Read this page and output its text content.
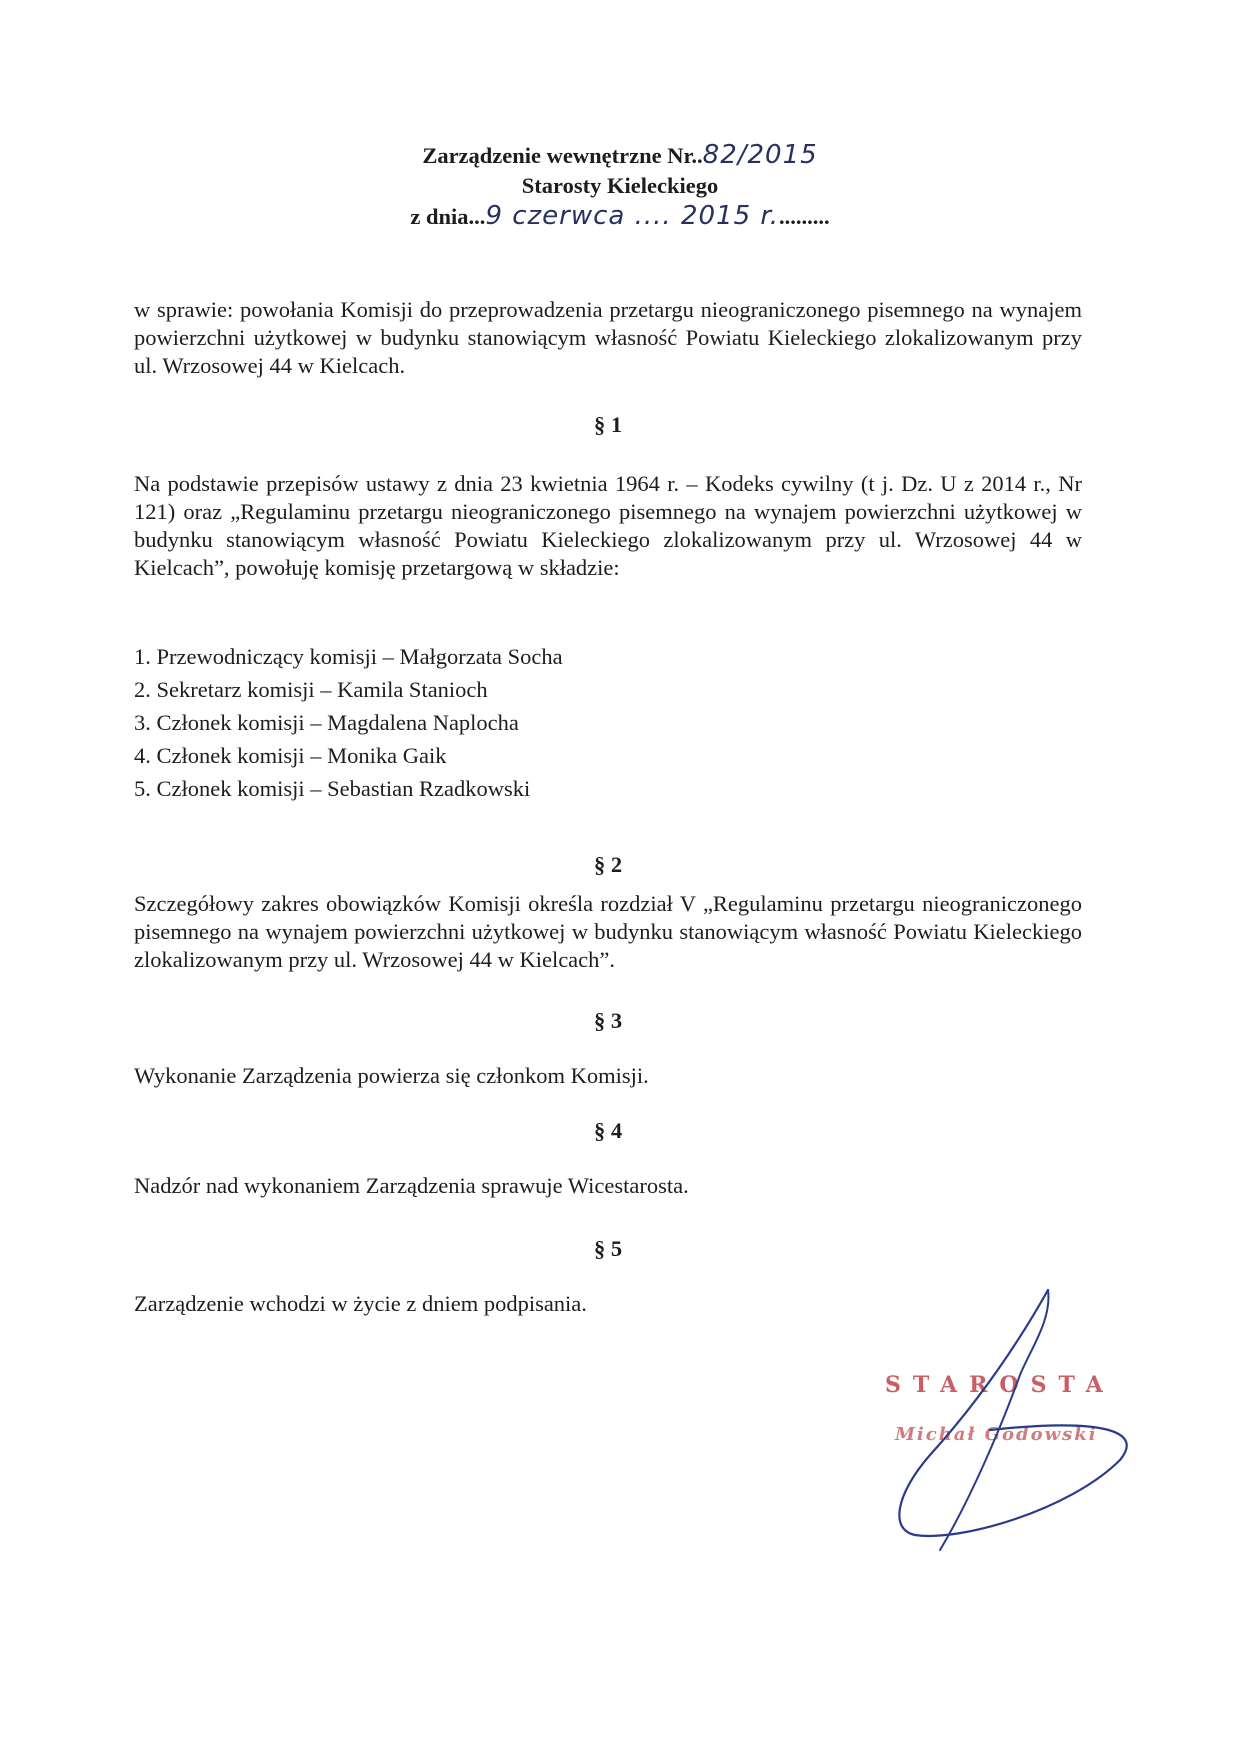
Zarządzenie wewnętrzne Nr..82/2015
Starosty Kieleckiego
z dnia...9 czerwca .... 2015 r..........
w sprawie: powołania Komisji do przeprowadzenia przetargu nieograniczonego pisemnego na wynajem powierzchni użytkowej w budynku stanowiącym własność Powiatu Kieleckiego zlokalizowanym przy ul. Wrzosowej 44 w Kielcach.
§ 1
Na podstawie przepisów ustawy z dnia 23 kwietnia 1964 r. – Kodeks cywilny (t j. Dz. U z 2014 r., Nr 121) oraz „Regulaminu przetargu nieograniczonego pisemnego na wynajem powierzchni użytkowej w budynku stanowiącym własność Powiatu Kieleckiego zlokalizowanym przy ul. Wrzosowej 44 w Kielcach”, powołuję komisję przetargową w składzie:
1. Przewodniczący komisji – Małgorzata Socha
2. Sekretarz komisji – Kamila Stanioch
3. Członek komisji – Magdalena Naplocha
4. Członek komisji – Monika Gaik
5. Członek komisji – Sebastian Rzadkowski
§ 2
Szczegółowy zakres obowiązków Komisji określa rozdział V „Regulaminu przetargu nieograniczonego pisemnego na wynajem powierzchni użytkowej w budynku stanowiącym własność Powiatu Kieleckiego zlokalizowanym przy ul. Wrzosowej 44 w Kielcach”.
§ 3
Wykonanie Zarządzenia powierza się członkom Komisji.
§ 4
Nadzór nad wykonaniem Zarządzenia sprawuje Wicestarosta.
§ 5
Zarządzenie wchodzi w życie z dniem podpisania.
STAROSTA
Michał Godowski
